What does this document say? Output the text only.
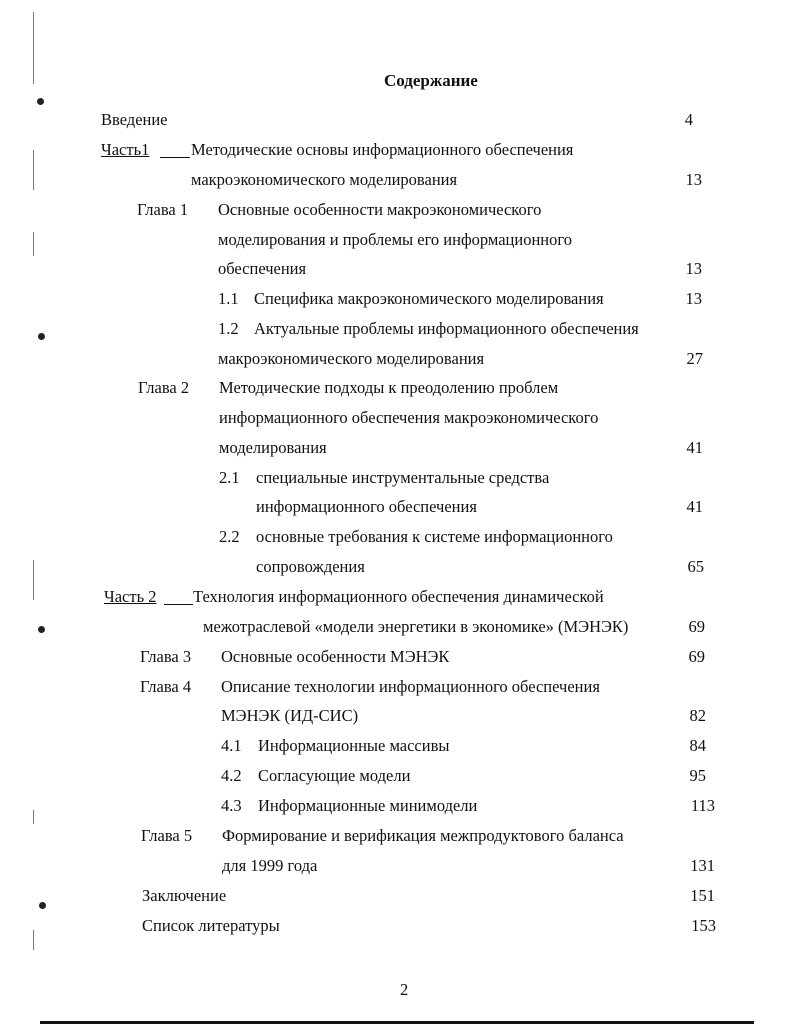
Содержание
Введение	4
Часть1	Методические основы информационного обеспечения
макроэкономического моделирования	13
Глава 1 Основные особенности макроэкономического
моделирования и проблемы его информационного
обеспечения	13
1.1 Специфика макроэкономического моделирования	13
1.2 Актуальные проблемы информационного обеспечения
макроэкономического моделирования	27
Глава 2 Методические подходы к преодолению проблем
информационного обеспечения макроэкономического
моделирования	41
2.1 специальные инструментальные средства
информационного обеспечения	41
2.2 основные требования к системе информационного
сопровождения	65
Часть 2 Технология информационного обеспечения динамической
межотраслевой «модели энергетики в экономике» (МЭНЭК)	69
Глава 3 Основные особенности МЭНЭК	69
Глава 4 Описание технологии информационного обеспечения
МЭНЭК (ИД-СИС)	82
4.1 Информационные массивы	84
4.2 Согласующие модели	95
4.3 Информационные минимодели	113
Глава 5 Формирование и верификация межпродуктового баланса
для 1999 года	131
Заключение	151
Список литературы	153
2
